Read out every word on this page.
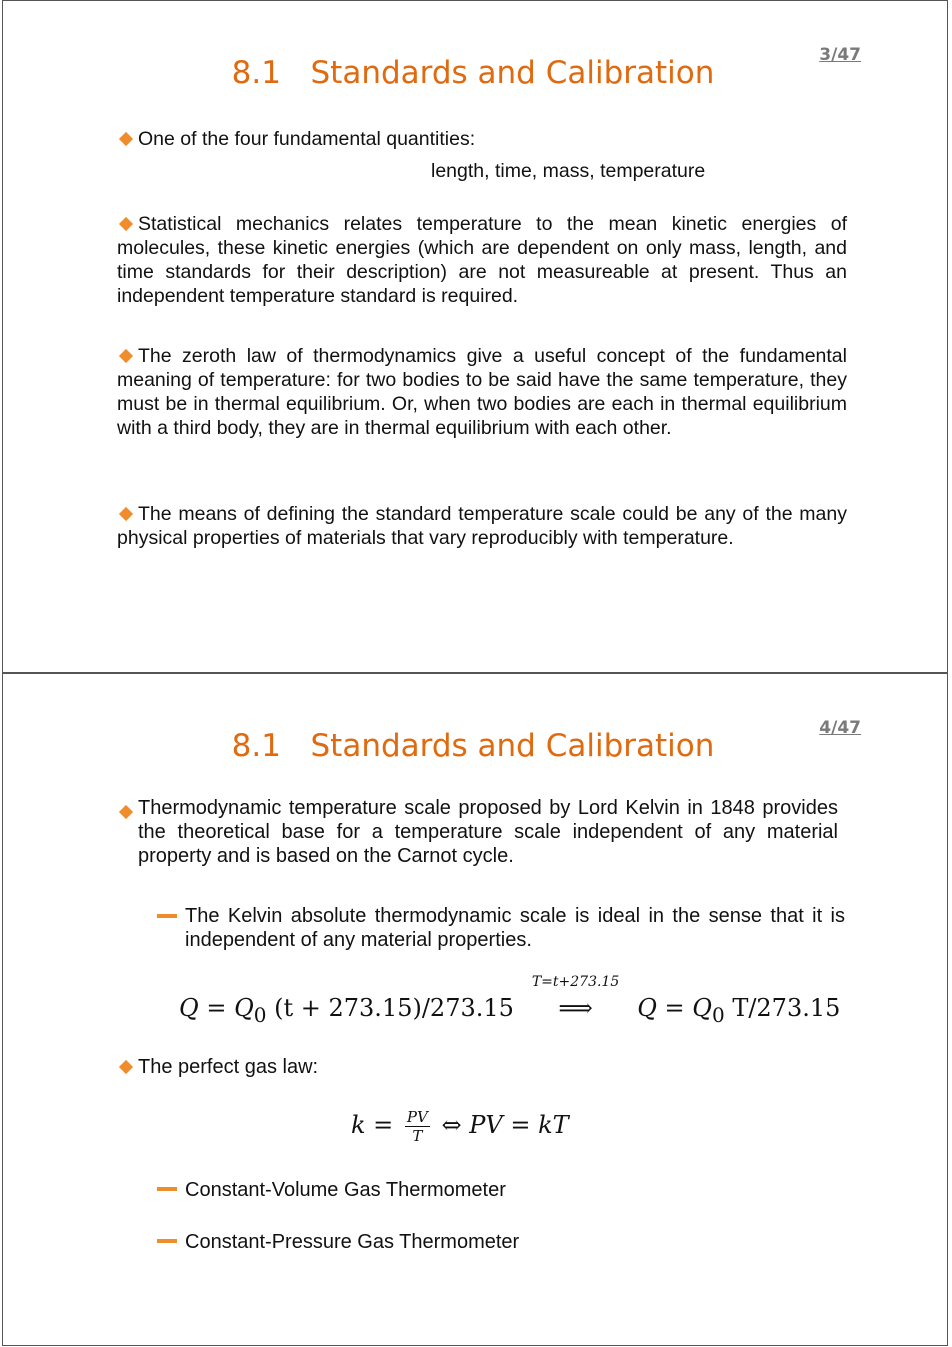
3/47
8.1   Standards and Calibration
One of the four fundamental quantities:
length, time, mass, temperature
Statistical mechanics relates temperature to the mean kinetic energies of molecules, these kinetic energies (which are dependent on only mass, length, and time standards for their description) are not measureable at present. Thus an independent temperature standard is required.
The zeroth law of thermodynamics give a useful concept of the fundamental meaning of temperature: for two bodies to be said have the same temperature, they must be in thermal equilibrium. Or, when two bodies are each in thermal equilibrium with a third body, they are in thermal equilibrium with each other.
The means of defining the standard temperature scale could be any of the many physical properties of materials that vary reproducibly with temperature.
4/47
8.1   Standards and Calibration
Thermodynamic temperature scale proposed by Lord Kelvin in 1848 provides the theoretical base for a temperature scale independent of any material property and is based on the Carnot cycle.
The Kelvin absolute thermodynamic scale is ideal in the sense that it is independent of any material properties.
$Q = Q_0$ (t + 273.15)/273.15
T=t+273.15
⟹ $Q = Q_0$ T/273.15
The perfect gas law:
$k = \frac{PV}{T}$ ⇔ PV = kT
Constant-Volume Gas Thermometer
Constant-Pressure Gas Thermometer
